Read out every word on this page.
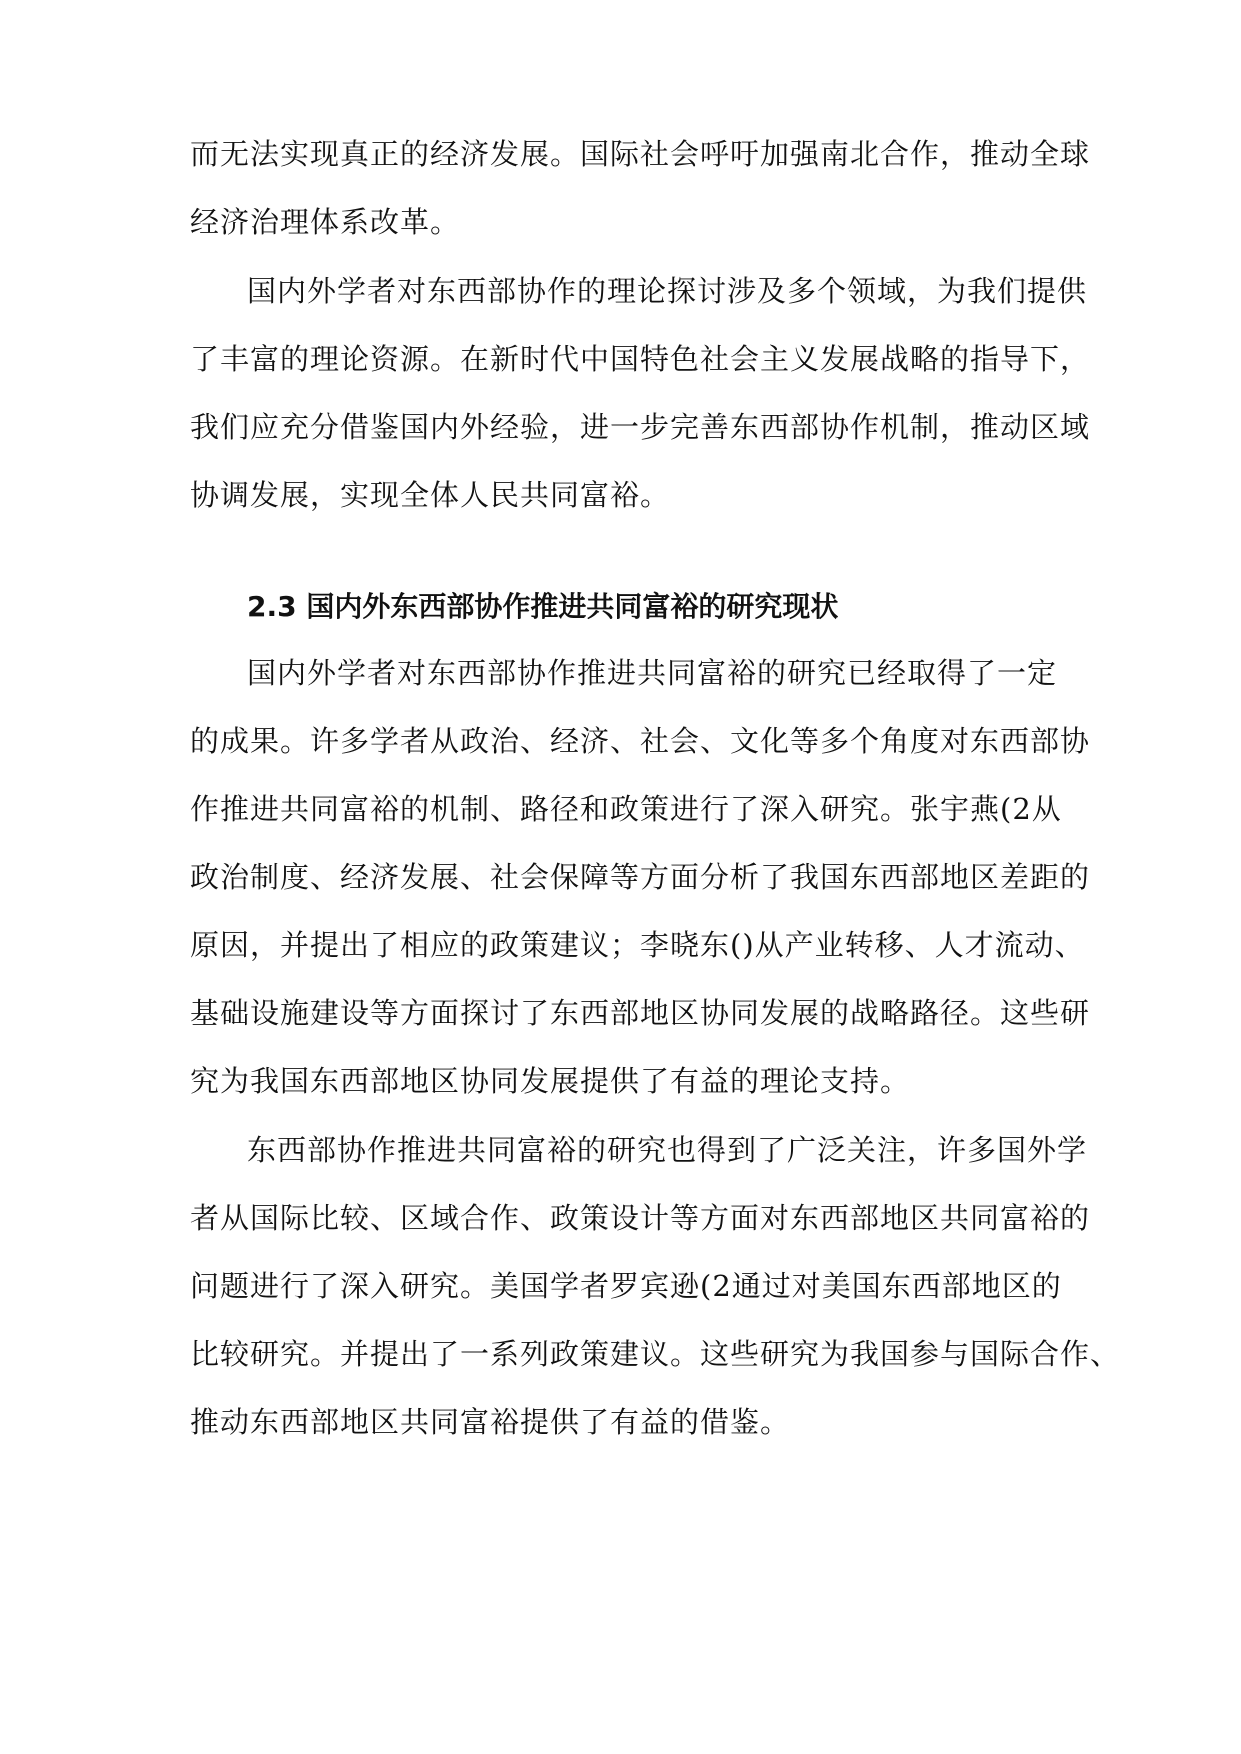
而无法实现真正的经济发展。国际社会呼吁加强南北合作，推动全球
经济治理体系改革。
国内外学者对东西部协作的理论探讨涉及多个领域，为我们提供
了丰富的理论资源。在新时代中国特色社会主义发展战略的指导下，
我们应充分借鉴国内外经验，进一步完善东西部协作机制，推动区域
协调发展，实现全体人民共同富裕。
2.3 国内外东西部协作推进共同富裕的研究现状
国内外学者对东西部协作推进共同富裕的研究已经取得了一定
的成果。许多学者从政治、经济、社会、文化等多个角度对东西部协
作推进共同富裕的机制、路径和政策进行了深入研究。张宇燕(2从
政治制度、经济发展、社会保障等方面分析了我国东西部地区差距的
原因，并提出了相应的政策建议；李晓东()从产业转移、人才流动、
基础设施建设等方面探讨了东西部地区协同发展的战略路径。这些研
究为我国东西部地区协同发展提供了有益的理论支持。
东西部协作推进共同富裕的研究也得到了广泛关注，许多国外学
者从国际比较、区域合作、政策设计等方面对东西部地区共同富裕的
问题进行了深入研究。美国学者罗宾逊(2通过对美国东西部地区的
比较研究。并提出了一系列政策建议。这些研究为我国参与国际合作、
推动东西部地区共同富裕提供了有益的借鉴。
